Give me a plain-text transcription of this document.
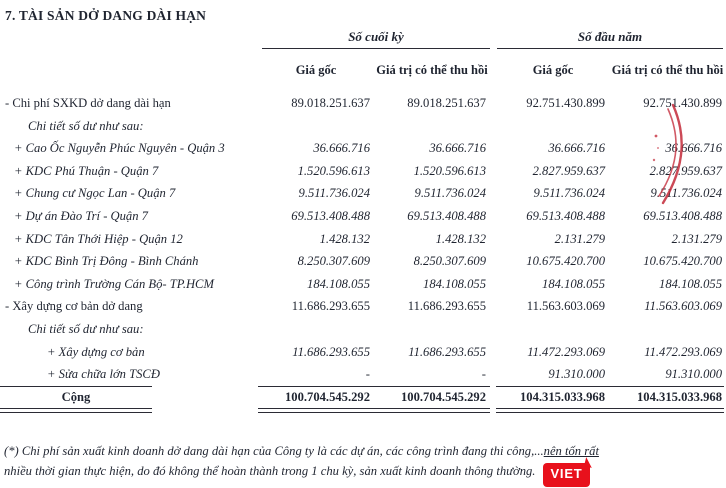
7. TÀI SẢN DỞ DANG DÀI HẠN
Số cuối kỳ	Số đầu năm
Giá gốc	Giá trị có thể thu hồi	Giá gốc	Giá trị có thể thu hồi
- Chi phí SXKD dở dang dài hạn	89.018.251.637	89.018.251.637	92.751.430.899	92.751.430.899
Chi tiết số dư như sau:
+ Cao Ốc Nguyễn Phúc Nguyên - Quận 3	36.666.716	36.666.716	36.666.716	36.666.716
+ KDC Phú Thuận - Quận 7	1.520.596.613	1.520.596.613	2.827.959.637	2.827.959.637
+ Chung cư Ngọc Lan - Quận 7	9.511.736.024	9.511.736.024	9.511.736.024	9.511.736.024
+ Dự án Đào Trí - Quận 7	69.513.408.488	69.513.408.488	69.513.408.488	69.513.408.488
+ KDC Tân Thới Hiệp - Quận 12	1.428.132	1.428.132	2.131.279	2.131.279
+ KDC Bình Trị Đông - Bình Chánh	8.250.307.609	8.250.307.609	10.675.420.700	10.675.420.700
+ Công trình Trường Cán Bộ- TP.HCM	184.108.055	184.108.055	184.108.055	184.108.055
- Xây dựng cơ bản dở dang	11.686.293.655	11.686.293.655	11.563.603.069	11.563.603.069
Chi tiết số dư như sau:
+ Xây dựng cơ bản	11.686.293.655	11.686.293.655	11.472.293.069	11.472.293.069
+ Sửa chữa lớn TSCĐ	-	-	91.310.000	91.310.000
Cộng	100.704.545.292	100.704.545.292	104.315.033.968	104.315.033.968
(*) Chi phí sản xuất kinh doanh dở dang dài hạn của Công ty là các dự án, các công trình đang thi công,...nên tốn rất
nhiều thời gian thực hiện, do đó không thể hoàn thành trong 1 chu kỳ, sản xuất kinh doanh thông thường. VIET
